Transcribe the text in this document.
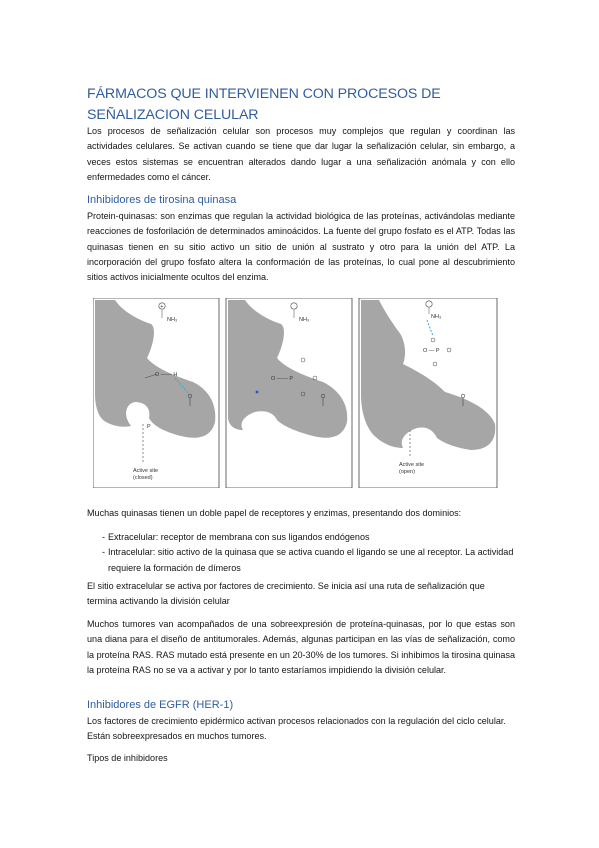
FÁRMACOS QUE INTERVIENEN CON PROCESOS DE SEÑALIZACION CELULAR
Los procesos de señalización celular son procesos muy complejos que regulan y coordinan las actividades celulares. Se activan cuando se tiene que dar lugar la señalización celular, sin embargo, a veces estos sistemas se encuentran alterados dando lugar a una señalización anómala y con ello enfermedades como el cáncer.
Inhibidores de tirosina quinasa
Protein-quinasas: son enzimas que regulan la actividad biológica de las proteínas, activándolas mediante reacciones de fosforilación de determinados aminoácidos. La fuente del grupo fosfato es el ATP. Todas las quinasas tienen en su sitio activo un sitio de unión al sustrato y otro para la unión del ATP. La incorporación del grupo fosfato altera la conformación de las proteínas, lo cual pone al descubrimiento sitios activos inicialmente ocultos del enzima.
+
NH₃
O —— H
P
Active site
(closed)
NH₃
O —— P
NH₃
O — P
Active site
(open)
Muchas quinasas tienen un doble papel de receptores y enzimas, presentando dos dominios:
- Extracelular: receptor de membrana con sus ligandos endógenos
- Intracelular: sitio activo de la quinasa que se activa cuando el ligando se une al receptor. La actividad requiere la formación de dímeros
El sitio extracelular se activa por factores de crecimiento. Se inicia así una ruta de señalización que termina activando la división celular
Muchos tumores van acompañados de una sobreexpresión de proteína-quinasas, por lo que estas son una diana para el diseño de antitumorales. Además, algunas participan en las vías de señalización, como la proteína RAS. RAS mutado está presente en un 20-30% de los tumores. Si inhibimos la tirosina quinasa la proteína RAS no se va a activar y por lo tanto estaríamos impidiendo la división celular.
Inhibidores de EGFR (HER-1)
Los factores de crecimiento epidérmico activan procesos relacionados con la regulación del ciclo celular. Están sobreexpresados en muchos tumores.
Tipos de inhibidores
